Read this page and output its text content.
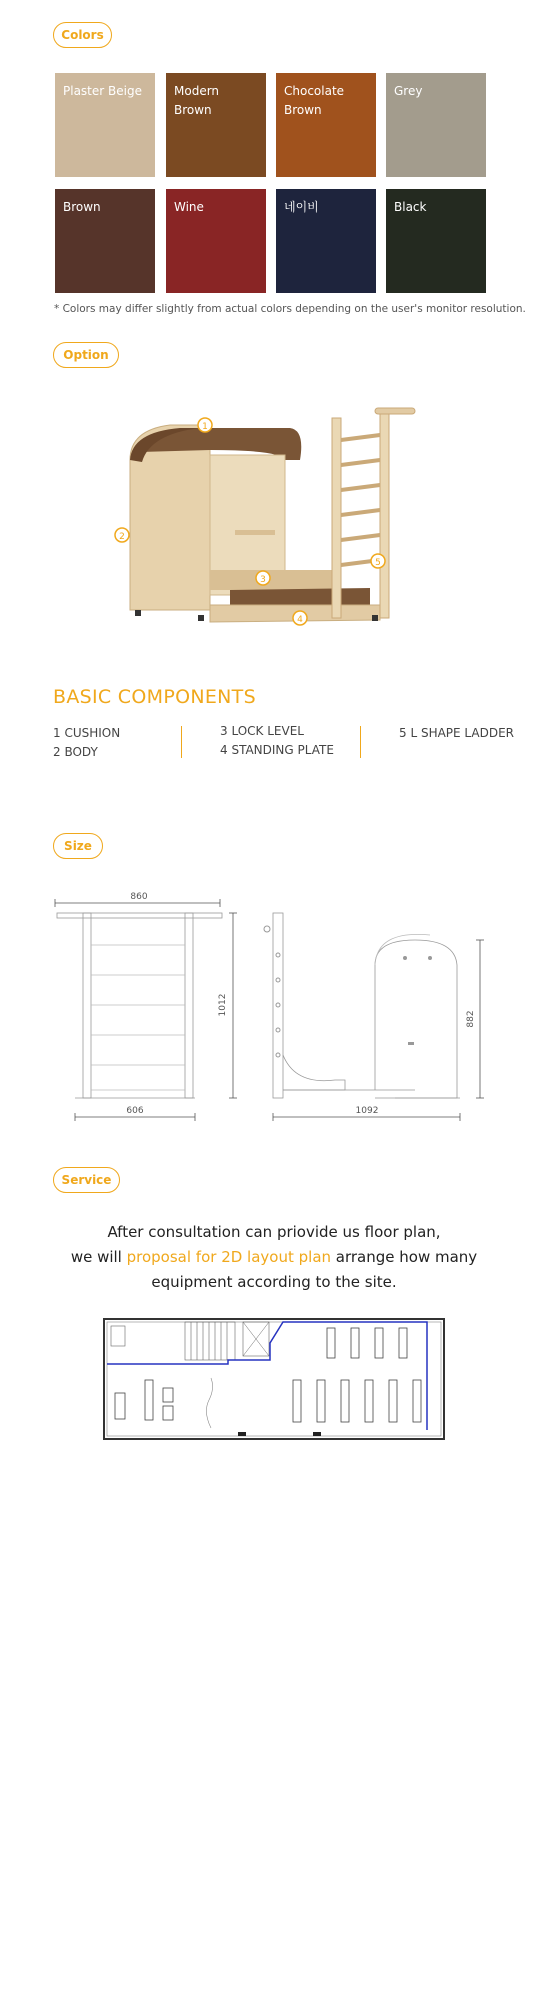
Colors
Plaster Beige	Modern Brown
Chocolate Brown
Grey
Brown	Wine	네이비	Black
* Colors may differ slightly from actual colors depending on the user's monitor resolution.
Option
1
2
3
4
5
BASIC COMPONENTS
1 CUSHION
2 BODY
3 LOCK LEVEL
4 STANDING PLATE
5 L SHAPE LADDER
Size
860
606
1012
1092
882
Service
After consultation can priovide us floor plan,
we will proposal for 2D layout plan arrange how many
equipment according to the site.
